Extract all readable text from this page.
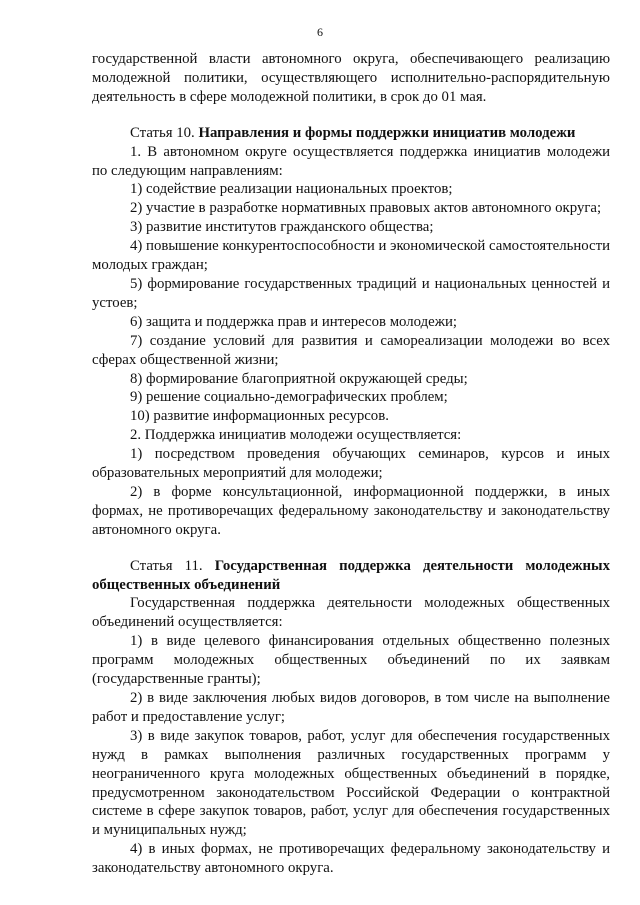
6

государственной власти автономного округа, обеспечивающего реализацию молодежной политики, осуществляющего исполнительно-распорядительную деятельность в сфере молодежной политики, в срок до 01 мая.

Статья 10. Направления и формы поддержки инициатив молодежи

1. В автономном округе осуществляется поддержка инициатив молодежи по следующим направлениям:

1) содействие реализации национальных проектов;

2) участие в разработке нормативных правовых актов автономного округа;

3) развитие институтов гражданского общества;

4) повышение конкурентоспособности и экономической самостоятельности молодых граждан;

5) формирование государственных традиций и национальных ценностей и устоев;

6) защита и поддержка прав и интересов молодежи;

7) создание условий для развития и самореализации молодежи во всех сферах общественной жизни;

8) формирование благоприятной окружающей среды;

9) решение социально-демографических проблем;

10) развитие информационных ресурсов.

2. Поддержка инициатив молодежи осуществляется:

1) посредством проведения обучающих семинаров, курсов и иных образовательных мероприятий для молодежи;

2) в форме консультационной, информационной поддержки, в иных формах, не противоречащих федеральному законодательству и законодательству автономного округа.

Статья 11. Государственная поддержка деятельности молодежных общественных объединений

Государственная поддержка деятельности молодежных общественных объединений осуществляется:

1) в виде целевого финансирования отдельных общественно полезных программ молодежных общественных объединений по их заявкам (государственные гранты);

2) в виде заключения любых видов договоров, в том числе на выполнение работ и предоставление услуг;

3) в виде закупок товаров, работ, услуг для обеспечения государственных нужд в рамках выполнения различных государственных программ у неограниченного круга молодежных общественных объединений в порядке, предусмотренном законодательством Российской Федерации о контрактной системе в сфере закупок товаров, работ, услуг для обеспечения государственных и муниципальных нужд;

4) в иных формах, не противоречащих федеральному законодательству и законодательству автономного округа.
